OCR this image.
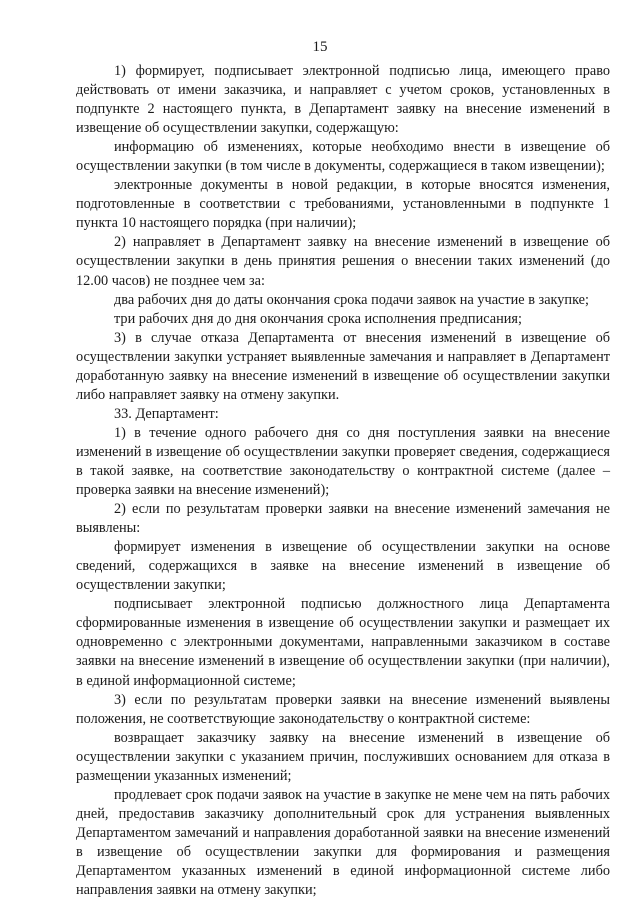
15

1) формирует, подписывает электронной подписью лица, имеющего право действовать от имени заказчика, и направляет с учетом сроков, установленных в подпункте 2 настоящего пункта, в Департамент заявку на внесение изменений в извещение об осуществлении закупки, содержащую:

информацию об изменениях, которые необходимо внести в извещение об осуществлении закупки (в том числе в документы, содержащиеся в таком извещении);

электронные документы в новой редакции, в которые вносятся изменения, подготовленные в соответствии с требованиями, установленными в подпункте 1 пункта 10 настоящего порядка (при наличии);

2) направляет в Департамент заявку на внесение изменений в извещение об осуществлении закупки в день принятия решения о внесении таких изменений (до 12.00 часов) не позднее чем за:

два рабочих дня до даты окончания срока подачи заявок на участие в закупке;

три рабочих дня до дня окончания срока исполнения предписания;

3) в случае отказа Департамента от внесения изменений в извещение об осуществлении закупки устраняет выявленные замечания и направляет в Департамент доработанную заявку на внесение изменений в извещение об осуществлении закупки либо направляет заявку на отмену закупки.

33. Департамент:

1) в течение одного рабочего дня со дня поступления заявки на внесение изменений в извещение об осуществлении закупки проверяет сведения, содержащиеся в такой заявке, на соответствие законодательству о контрактной системе (далее – проверка заявки на внесение изменений);

2) если по результатам проверки заявки на внесение изменений замечания не выявлены:

формирует изменения в извещение об осуществлении закупки на основе сведений, содержащихся в заявке на внесение изменений в извещение об осуществлении закупки;

подписывает электронной подписью должностного лица Департамента сформированные изменения в извещение об осуществлении закупки и размещает их одновременно с электронными документами, направленными заказчиком в составе заявки на внесение изменений в извещение об осуществлении закупки (при наличии), в единой информационной системе;

3) если по результатам проверки заявки на внесение изменений выявлены положения, не соответствующие законодательству о контрактной системе:

возвращает заказчику заявку на внесение изменений в извещение об осуществлении закупки с указанием причин, послуживших основанием для отказа в размещении указанных изменений;

продлевает срок подачи заявок на участие в закупке не мене чем на пять рабочих дней, предоставив заказчику дополнительный срок для устранения выявленных Департаментом замечаний и направления доработанной заявки на внесение изменений в извещение об осуществлении закупки для формирования и размещения Департаментом указанных изменений в единой информационной системе либо направления заявки на отмену закупки;
